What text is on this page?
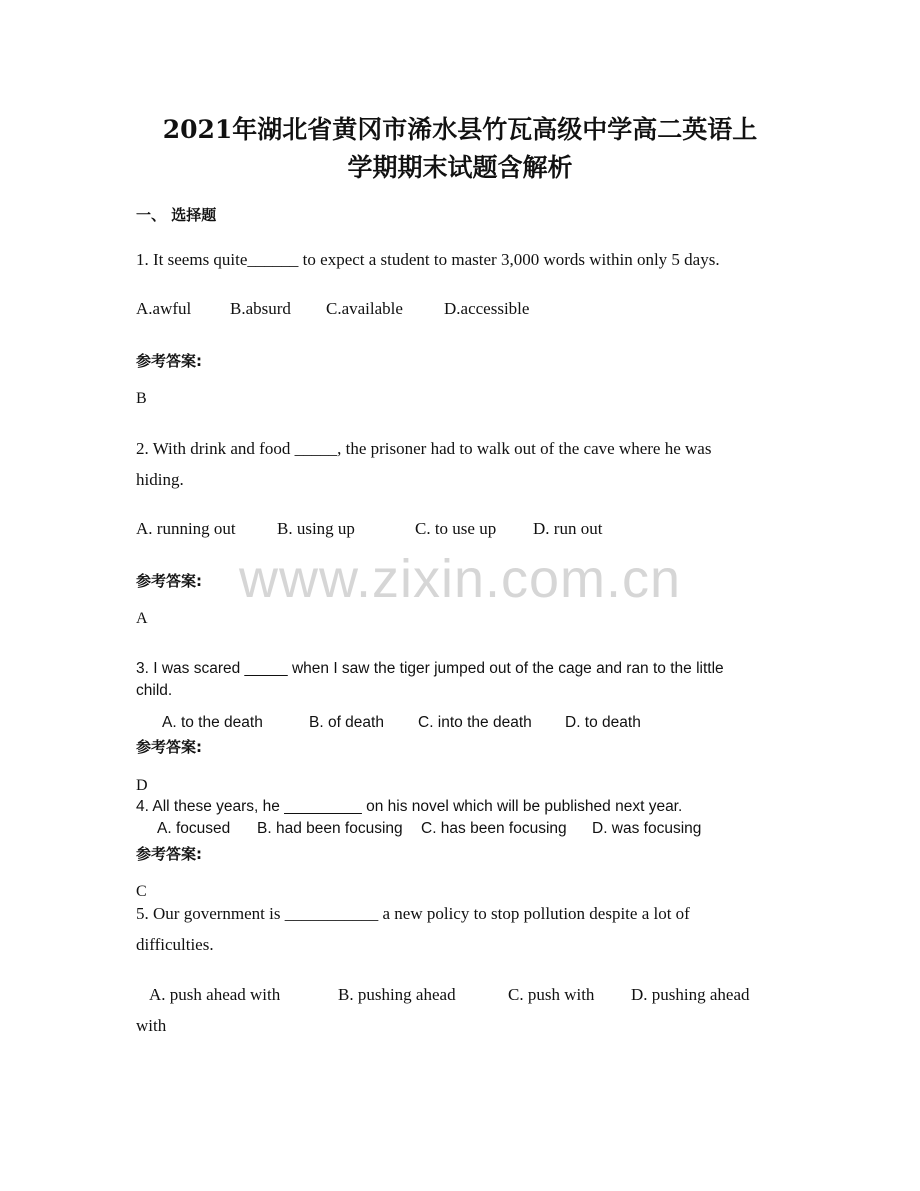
www.zixin.com.cn
2021年湖北省黄冈市浠水县竹瓦高级中学高二英语上
学期期末试题含解析
一、 选择题
1. It seems quite______ to expect a student to master 3,000 words within only 5 days.
A.awful B.absurd C.available D.accessible
参考答案:
B
2. With drink and food _____, the prisoner had to walk out of the cave where he was
hiding.
A. running out B. using up	C. to use up D. run out
参考答案:
A
3. I was scared _____ when I saw the tiger jumped out of the cage and ran to the little
child.
A. to the death	B. of death C. into the death D. to death
参考答案:
D
4. All these years, he _________ on his novel which will be published next year.
A. focused B. had been focusing C. has been focusing D. was focusing
参考答案:
C
5. Our government is ___________ a new policy to stop pollution despite a lot of
difficulties.
A. push ahead with	B. pushing ahead	C. push with D. pushing ahead
with
